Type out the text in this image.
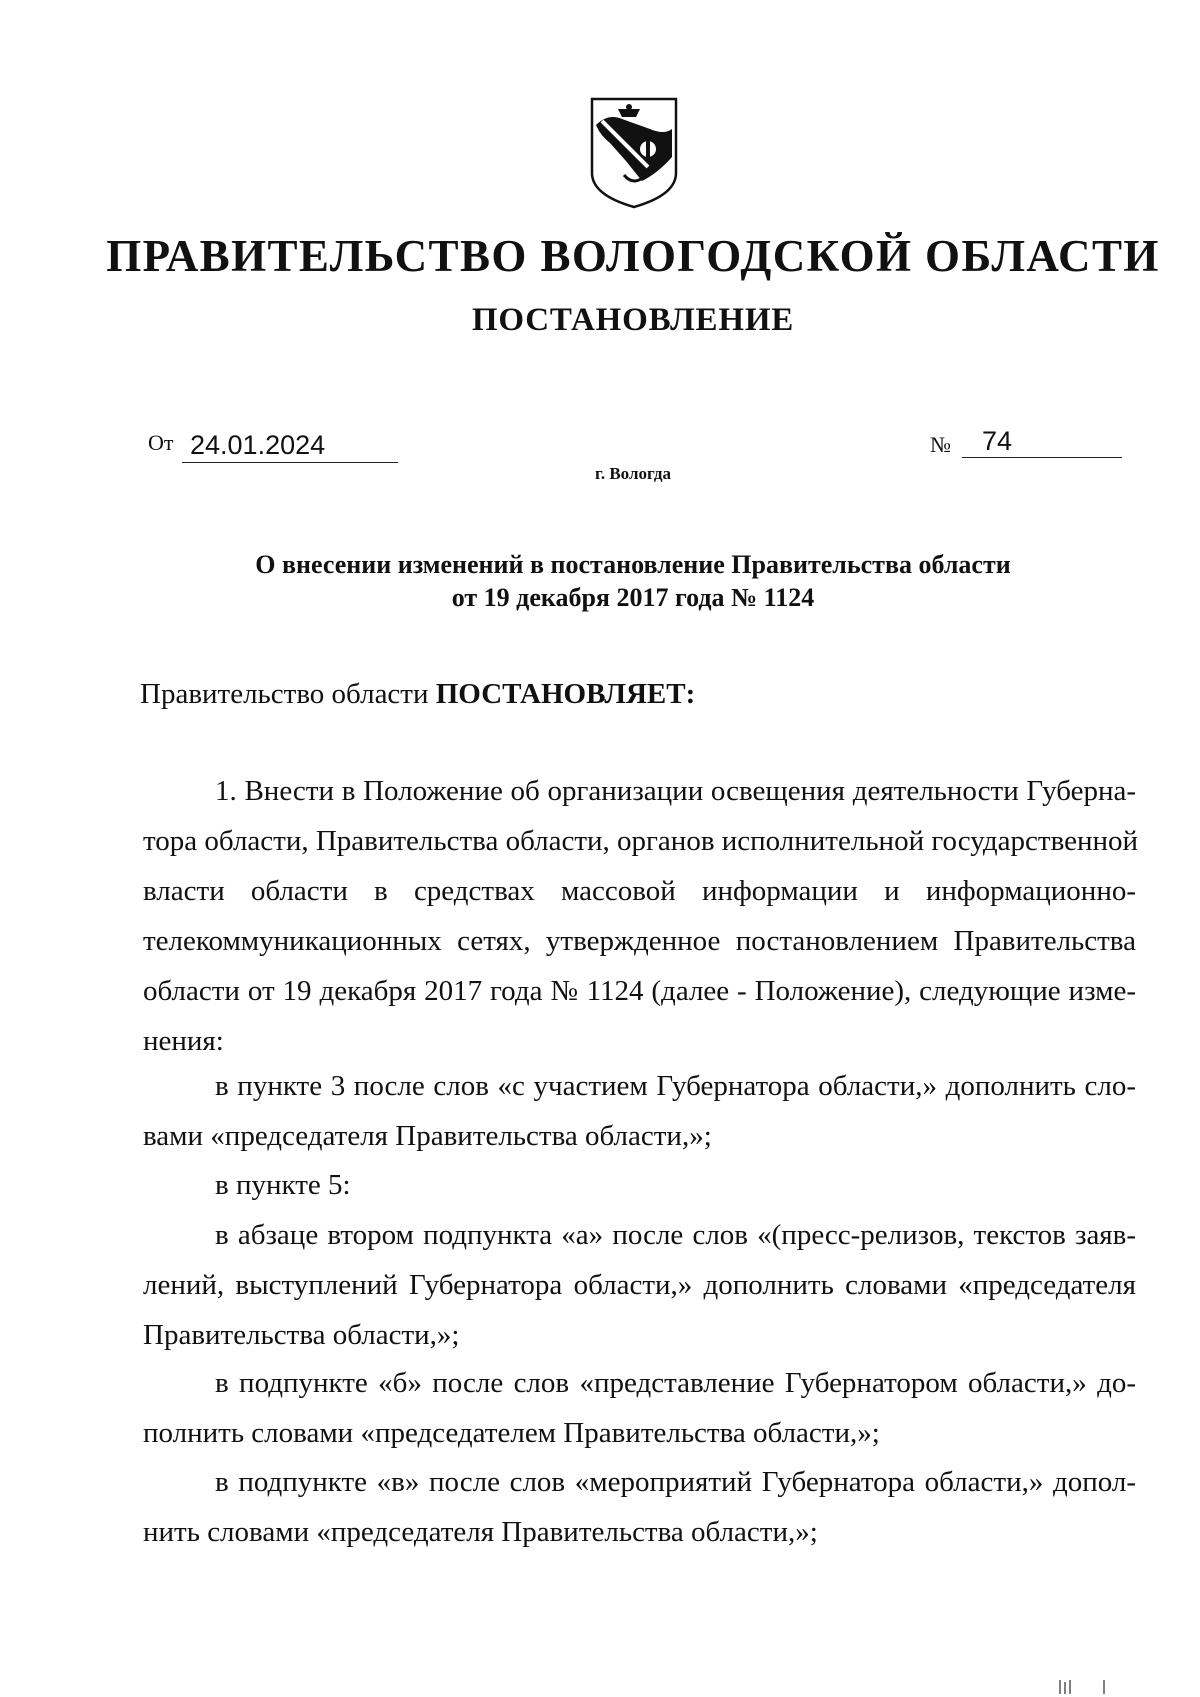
ПРАВИТЕЛЬСТВО ВОЛОГОДСКОЙ ОБЛАСТИ
ПОСТАНОВЛЕНИЕ
От 24.01.2024	№ 74
г. Вологда
О внесении изменений в постановление Правительства области
от 19 декабря 2017 года № 1124
Правительство области ПОСТАНОВЛЯЕТ:
1. Внести в Положение об организации освещения деятельности Губерна-
тора области, Правительства области, органов исполнительной государственной
власти области в средствах массовой информации и информационно-
телекоммуникационных сетях, утвержденное постановлением Правительства
области от 19 декабря 2017 года № 1124 (далее - Положение), следующие изме-
нения:
в пункте 3 после слов «с участием Губернатора области,» дополнить сло-
вами «председателя Правительства области,»;
в пункте 5:
в абзаце втором подпункта «а» после слов «(пресс-релизов, текстов заяв-
лений, выступлений Губернатора области,» дополнить словами «председателя
Правительства области,»;
в подпункте «б» после слов «представление Губернатором области,» до-
полнить словами «председателем Правительства области,»;
в подпункте «в» после слов «мероприятий Губернатора области,» допол-
нить словами «председателя Правительства области,»;
